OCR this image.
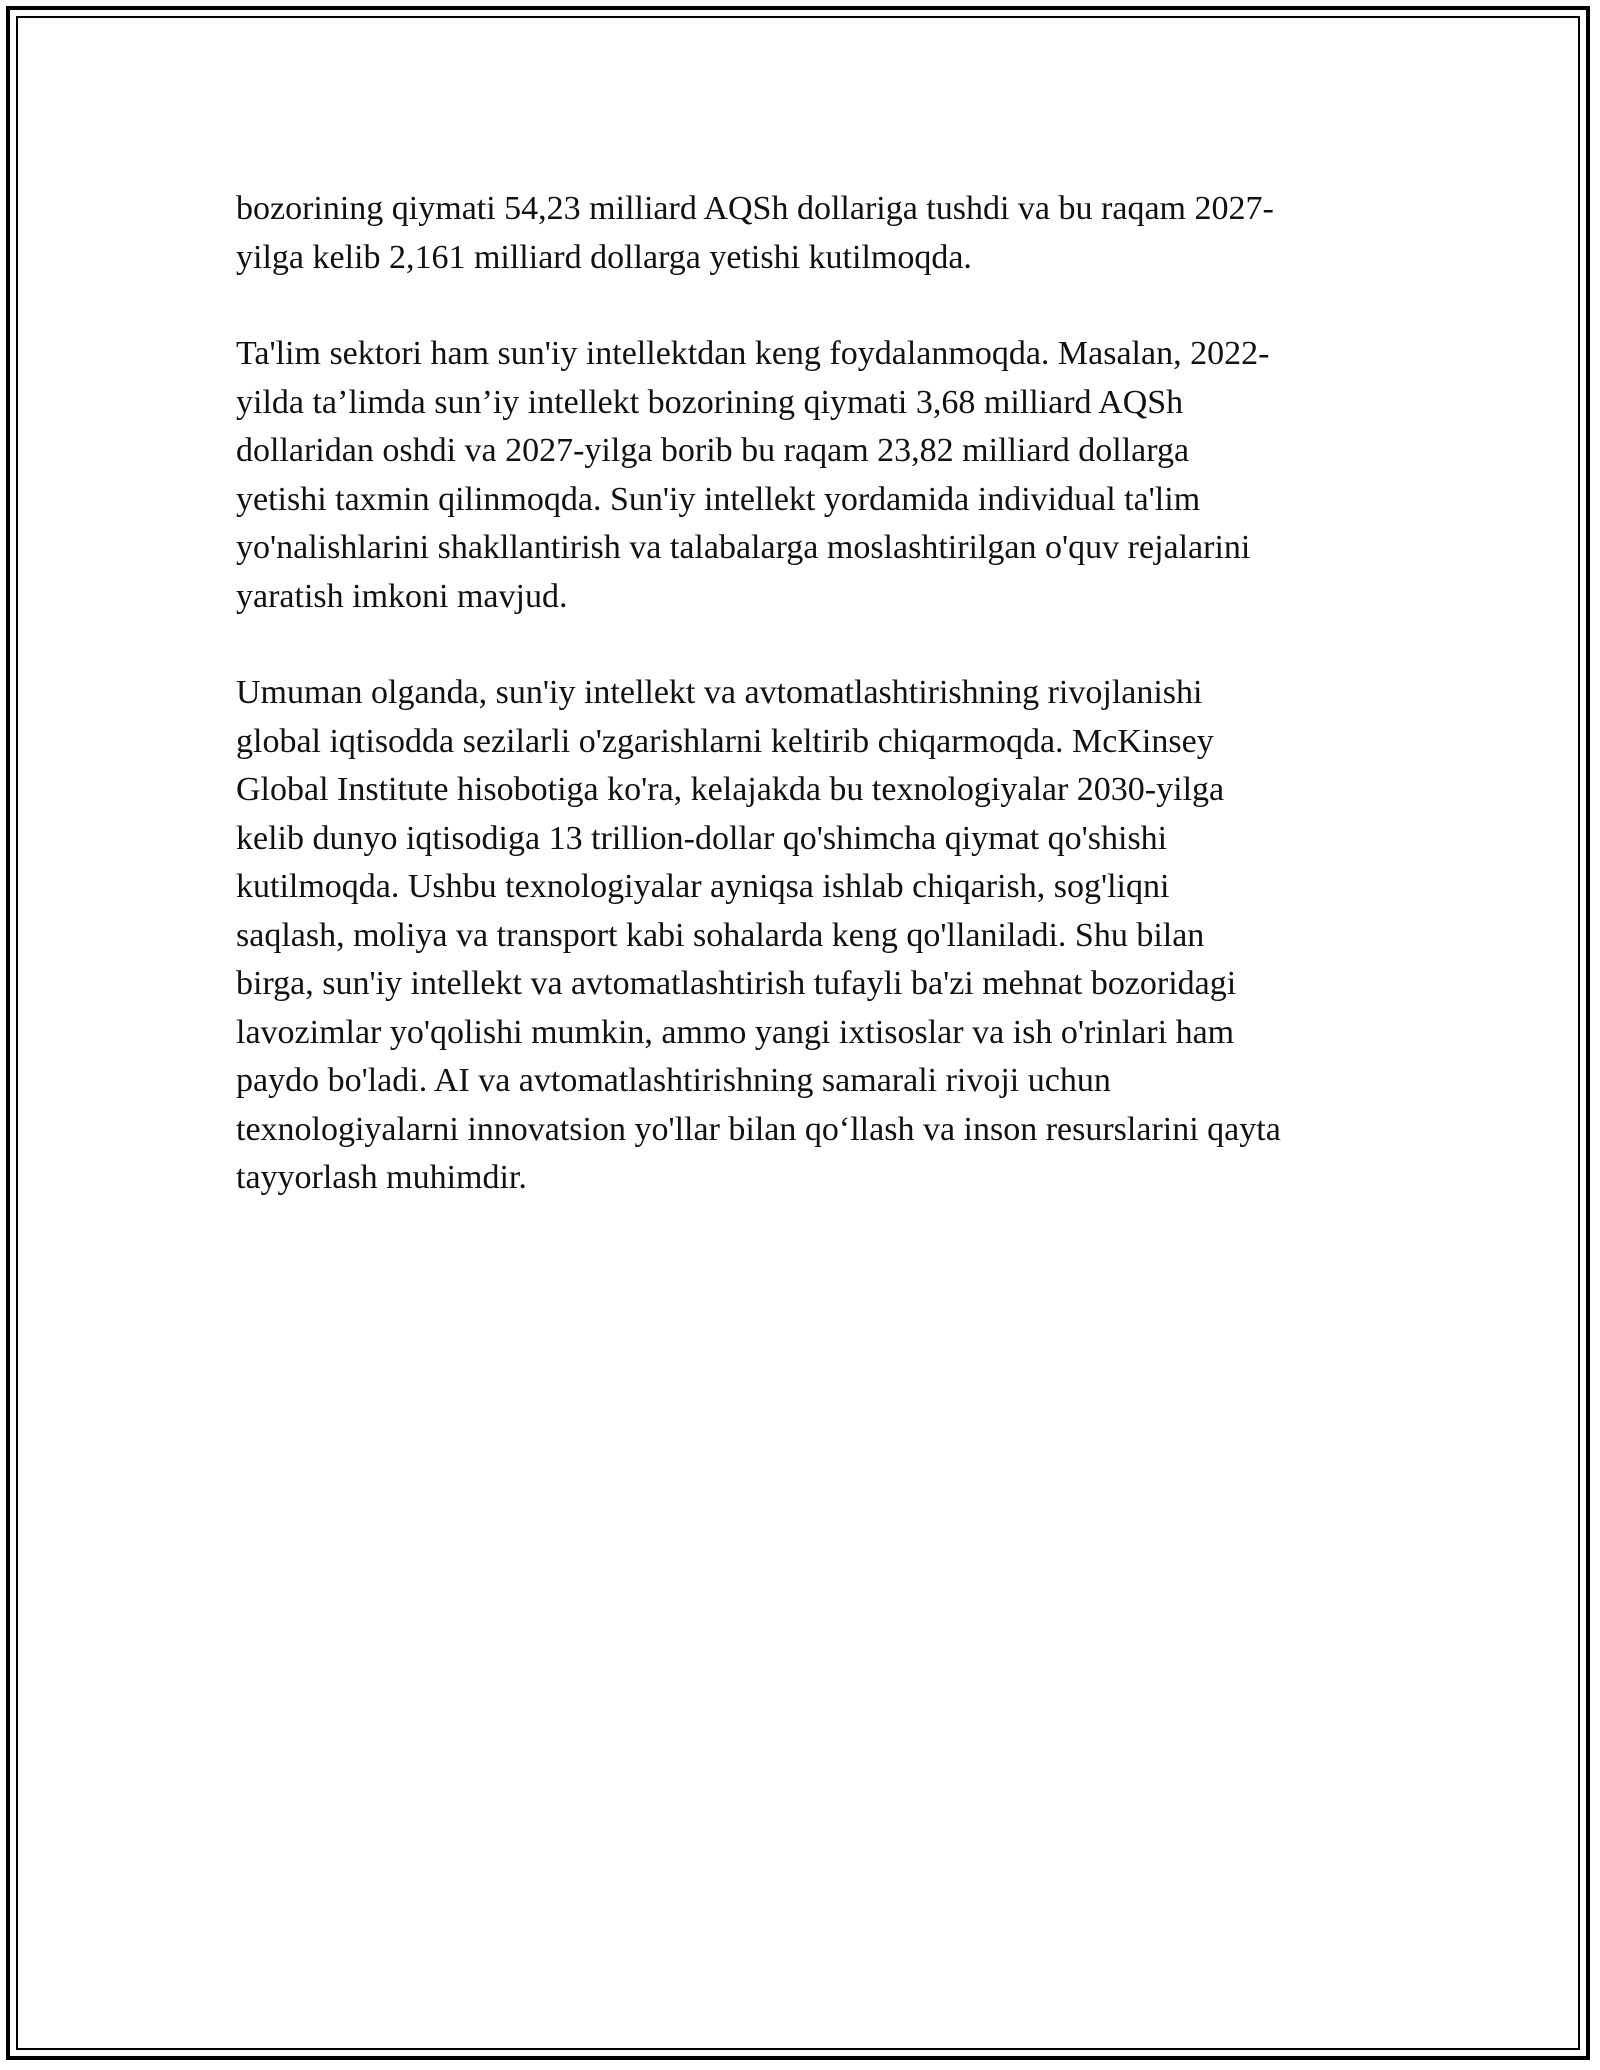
bozorining qiymati 54,23 milliard AQSh dollariga tushdi va bu raqam 2027-
yilga kelib 2,161 milliard dollarga yetishi kutilmoqda.

Ta'lim sektori ham sun'iy intellektdan keng foydalanmoqda. Masalan, 2022-
yilda ta’limda sun’iy intellekt bozorining qiymati 3,68 milliard AQSh
dollaridan oshdi va 2027-yilga borib bu raqam 23,82 milliard dollarga
yetishi taxmin qilinmoqda. Sun'iy intellekt yordamida individual ta'lim
yo'nalishlarini shakllantirish va talabalarga moslashtirilgan o'quv rejalarini
yaratish imkoni mavjud.

Umuman olganda, sun'iy intellekt va avtomatlashtirishning rivojlanishi
global iqtisodda sezilarli o'zgarishlarni keltirib chiqarmoqda. McKinsey
Global Institute hisobotiga ko'ra, kelajakda bu texnologiyalar 2030-yilga
kelib dunyo iqtisodiga 13 trillion-dollar qo'shimcha qiymat qo'shishi
kutilmoqda. Ushbu texnologiyalar ayniqsa ishlab chiqarish, sog'liqni
saqlash, moliya va transport kabi sohalarda keng qo'llaniladi. Shu bilan
birga, sun'iy intellekt va avtomatlashtirish tufayli ba'zi mehnat bozoridagi
lavozimlar yo'qolishi mumkin, ammo yangi ixtisoslar va ish o'rinlari ham
paydo bo'ladi. AI va avtomatlashtirishning samarali rivoji uchun
texnologiyalarni innovatsion yo'llar bilan qo‘llash va inson resurslarini qayta
tayyorlash muhimdir.
